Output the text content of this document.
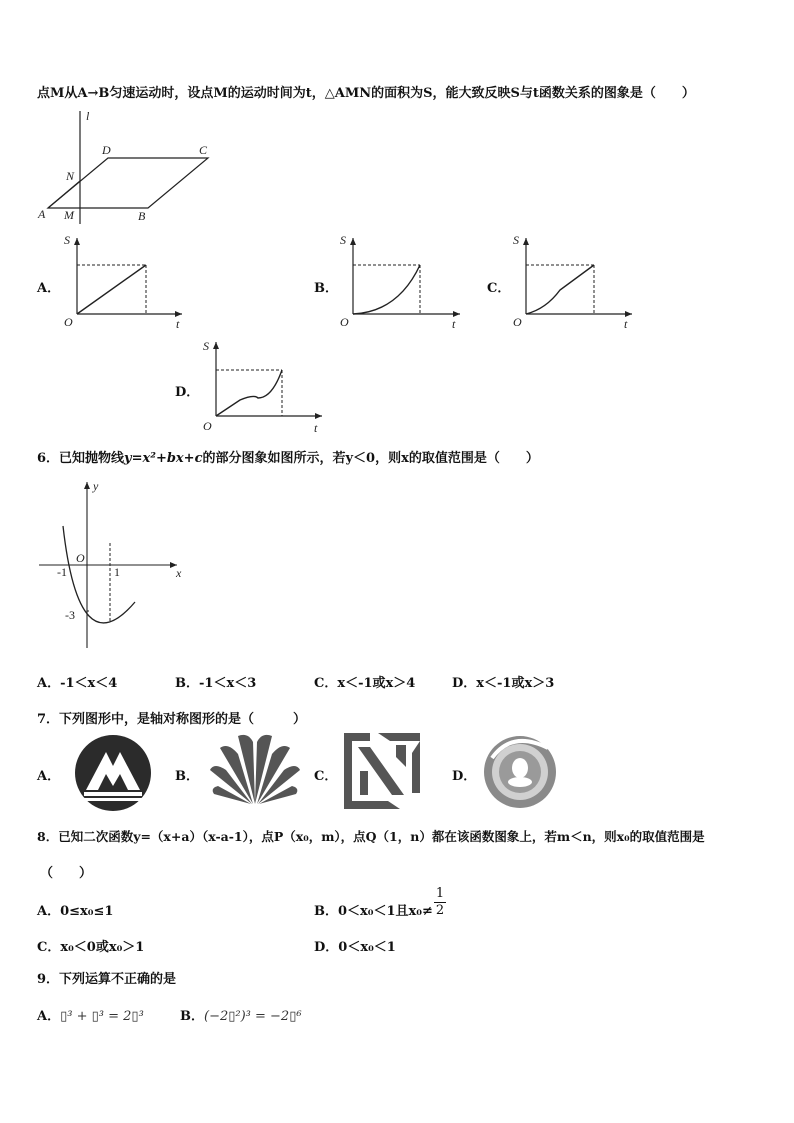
点M从A→B匀速运动时，设点M的运动时间为t，△AMN的面积为S，能大致反映S与t函数关系的图象是（　　）
l
D	C
N
A M	B
A．
S
t
O
B．
S
t
O
C．
S
t
O
D．
S
t
O
6．已知抛物线y=x²+bx+c的部分图象如图所示，若y＜0，则x的取值范围是（　　）
y
x
O
-1	1
-3
A．-1＜x＜4	B．-1＜x＜3	C．x＜-1或x＞4	D．x＜-1或x＞3
7．下列图形中，是轴对称图形的是（　　　）
A．	B．	C．	D．
8．已知二次函数y=（x+a）（x-a-1），点P（x₀，m），点Q（1，n）都在该函数图象上，若m＜n，则x₀的取值范围是
（　　）
A．0≤x₀≤1	B．0＜x₀＜1且$x_0\ne \frac{1}{2}$
C．x₀＜0或x₀＞1	D．0＜x₀＜1
9．下列运算不正确的是
A．▯³ + ▯³ = 2▯³	B．(−2▯²)³ = −2▯⁶
